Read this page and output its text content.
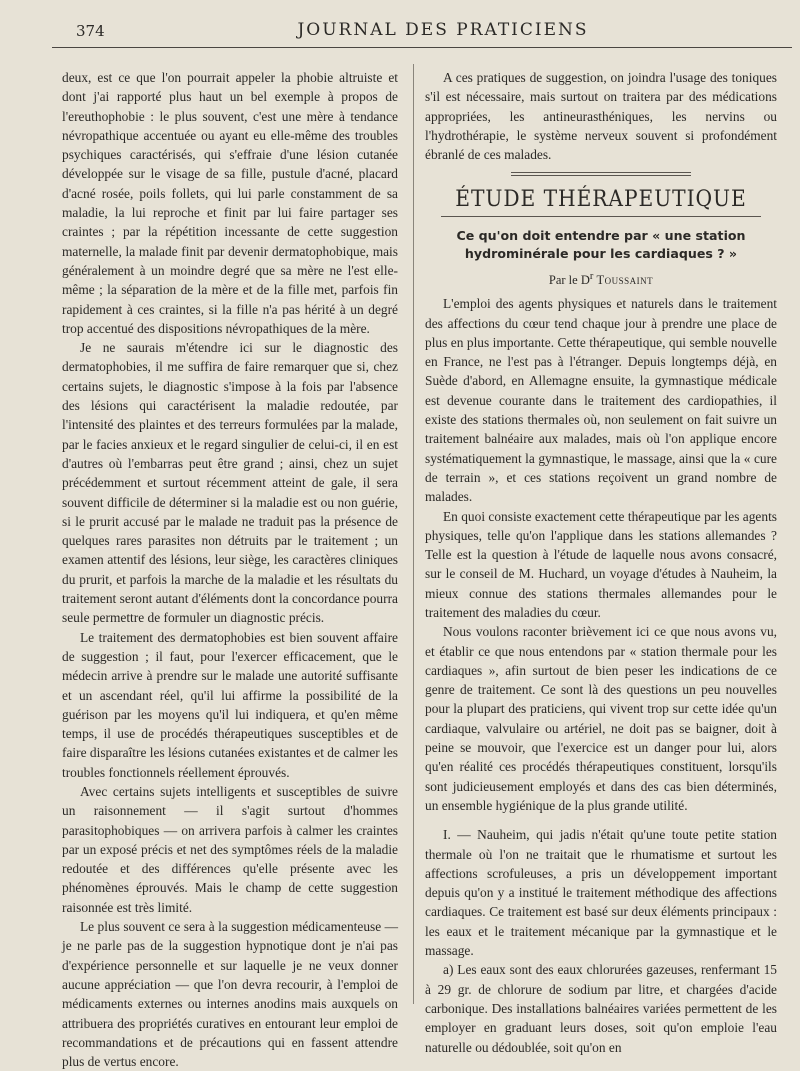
374	JOURNAL DES PRATICIENS

deux, est ce que l'on pourrait appeler la phobie altruiste et dont j'ai rapporté plus haut un bel exemple à propos de l'ereuthophobie : le plus souvent, c'est une mère à tendance névropathique accentuée ou ayant eu elle-même des troubles psychiques caractérisés, qui s'effraie d'une lésion cutanée développée sur le visage de sa fille, pustule d'acné, placard d'acné rosée, poils follets, qui lui parle constamment de sa maladie, la lui reproche et finit par lui faire partager ses craintes ; par la répétition incessante de cette suggestion maternelle, la malade finit par devenir dermatophobique, mais généralement à un moindre degré que sa mère ne l'est elle-même ; la séparation de la mère et de la fille met, parfois fin rapidement à ces craintes, si la fille n'a pas hérité à un degré trop accentué des dispositions névropathiques de la mère.

Je ne saurais m'étendre ici sur le diagnostic des dermatophobies, il me suffira de faire remarquer que si, chez certains sujets, le diagnostic s'impose à la fois par l'absence des lésions qui caractérisent la maladie redoutée, par l'intensité des plaintes et des terreurs formulées par la malade, par le facies anxieux et le regard singulier de celui-ci, il en est d'autres où l'embarras peut être grand ; ainsi, chez un sujet précédemment et surtout récemment atteint de gale, il sera souvent difficile de déterminer si la maladie est ou non guérie, si le prurit accusé par le malade ne traduit pas la présence de quelques rares parasites non détruits par le traitement ; un examen attentif des lésions, leur siège, les caractères cliniques du prurit, et parfois la marche de la maladie et les résultats du traitement seront autant d'éléments dont la concordance pourra seule permettre de formuler un diagnostic précis.

Le traitement des dermatophobies est bien souvent affaire de suggestion ; il faut, pour l'exercer efficacement, que le médecin arrive à prendre sur le malade une autorité suffisante et un ascendant réel, qu'il lui affirme la possibilité de la guérison par les moyens qu'il lui indiquera, et qu'en même temps, il use de procédés thérapeutiques susceptibles et de faire disparaître les lésions cutanées existantes et de calmer les troubles fonctionnels réellement éprouvés.

Avec certains sujets intelligents et susceptibles de suivre un raisonnement — il s'agit surtout d'hommes parasitophobiques — on arrivera parfois à calmer les craintes par un exposé précis et net des symptômes réels de la maladie redoutée et des différences qu'elle présente avec les phénomènes éprouvés. Mais le champ de cette suggestion raisonnée est très limité.

Le plus souvent ce sera à la suggestion médicamenteuse — je ne parle pas de la suggestion hypnotique dont je n'ai pas d'expérience personnelle et sur laquelle je ne veux donner aucune appréciation — que l'on devra recourir, à l'emploi de médicaments externes ou internes anodins mais auxquels on attribuera des propriétés curatives en entourant leur emploi de recommandations et de précautions qui en fassent attendre plus de vertus encore.

A ces pratiques de suggestion, on joindra l'usage des toniques s'il est nécessaire, mais surtout on traitera par des médications appropriées, les antineurasthéniques, les nervins ou l'hydrothérapie, le système nerveux souvent si profondément ébranlé de ces malades.

ÉTUDE THÉRAPEUTIQUE
Ce qu'on doit entendre par « une station hydrominérale pour les cardiaques ? »
Par le $D^r$ Toussaint

L'emploi des agents physiques et naturels dans le traitement des affections du cœur tend chaque jour à prendre une place de plus en plus importante. Cette thérapeutique, qui semble nouvelle en France, ne l'est pas à l'étranger. Depuis longtemps déjà, en Suède d'abord, en Allemagne ensuite, la gymnastique médicale est devenue courante dans le traitement des cardiopathies, il existe des stations thermales où, non seulement on fait suivre un traitement balnéaire aux malades, mais où l'on applique encore systématiquement la gymnastique, le massage, ainsi que la « cure de terrain », et ces stations reçoivent un grand nombre de malades.

En quoi consiste exactement cette thérapeutique par les agents physiques, telle qu'on l'applique dans les stations allemandes ? Telle est la question à l'étude de laquelle nous avons consacré, sur le conseil de M. Huchard, un voyage d'études à Nauheim, la mieux connue des stations thermales allemandes pour le traitement des maladies du cœur.

Nous voulons raconter brièvement ici ce que nous avons vu, et établir ce que nous entendons par « station thermale pour les cardiaques », afin surtout de bien peser les indications de ce genre de traitement. Ce sont là des questions un peu nouvelles pour la plupart des praticiens, qui vivent trop sur cette idée qu'un cardiaque, valvulaire ou artériel, ne doit pas se baigner, doit à peine se mouvoir, que l'exercice est un danger pour lui, alors qu'en réalité ces procédés thérapeutiques constituent, lorsqu'ils sont judicieusement employés et dans des cas bien déterminés, un ensemble hygiénique de la plus grande utilité.

I. — Nauheim, qui jadis n'était qu'une toute petite station thermale où l'on ne traitait que le rhumatisme et surtout les affections scrofuleuses, a pris un développement important depuis qu'on y a institué le traitement méthodique des affections cardiaques. Ce traitement est basé sur deux éléments principaux : les eaux et le traitement mécanique par la gymnastique et le massage.

a) Les eaux sont des eaux chlorurées gazeuses, renfermant 15 à 29 gr. de chlorure de sodium par litre, et chargées d'acide carbonique. Des installations balnéaires variées permettent de les employer en graduant leurs doses, soit qu'on emploie l'eau naturelle ou dédoublée, soit qu'on en
